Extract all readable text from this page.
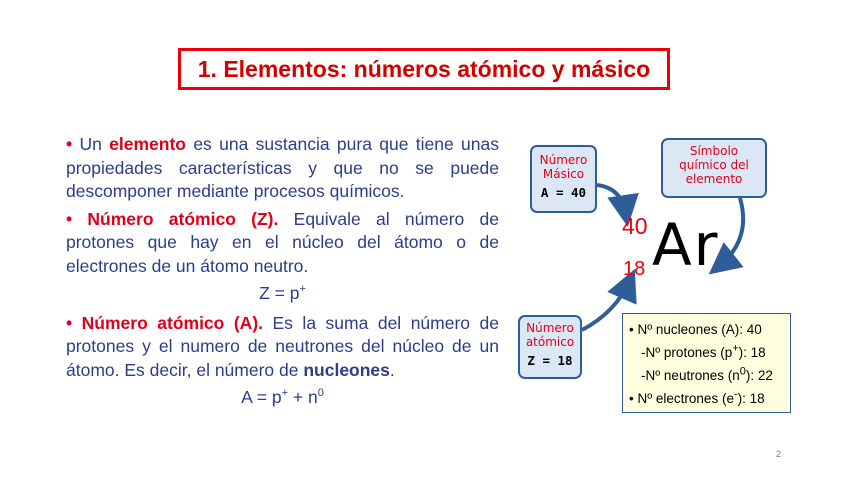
1. Elementos: números atómico y másico

• Un elemento es una sustancia pura que tiene unas propiedades características y que no se puede descomponer mediante procesos químicos.

• Número atómico (Z). Equivale al número de protones que hay en el núcleo del átomo o de electrones de un átomo neutro.

Z = p+

• Número atómico (A). Es la suma del número de protones y el numero de neutrones del núcleo de un átomo. Es decir, el número de nucleones.

$A = p^+ + n^0$
Número
Másico
A = 40
Número
atómico
Z = 18
Símbolo
químico del
elemento
40
18 Ar
• Nº nucleones (A): 40
-Nº protones (p+): 18
-Nº neutrones $(n^0)$: 22
• Nº electrones (e-): 18
2
